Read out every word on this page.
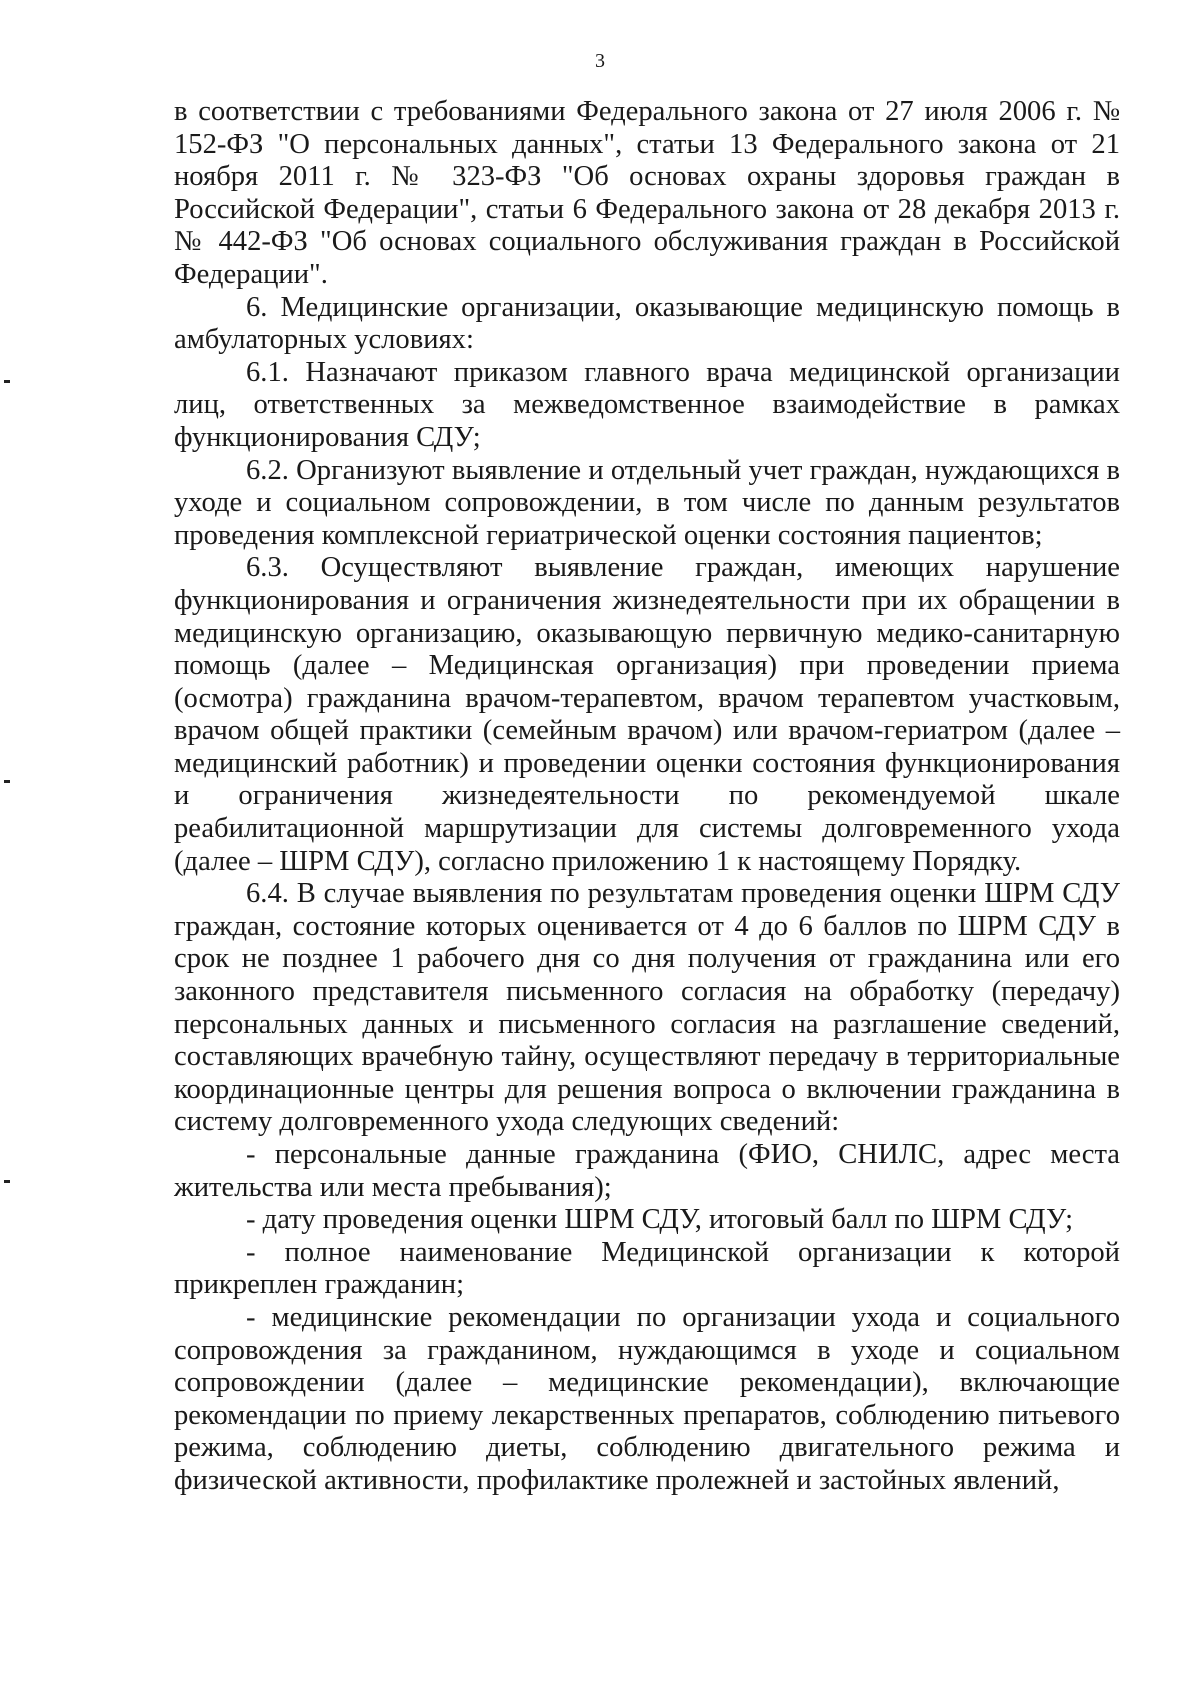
3

в соответствии с требованиями Федерального закона от 27 июля 2006 г. № 152-ФЗ "О персональных данных", статьи 13 Федерального закона от 21 ноября 2011 г. № 323-ФЗ "Об основах охраны здоровья граждан в Российской Федерации", статьи 6 Федерального закона от 28 декабря 2013 г. № 442-ФЗ "Об основах социального обслуживания граждан в Российской Федерации".

6. Медицинские организации, оказывающие медицинскую помощь в амбулаторных условиях:

6.1. Назначают приказом главного врача медицинской организации лиц, ответственных за межведомственное взаимодействие в рамках функционирования СДУ;

6.2. Организуют выявление и отдельный учет граждан, нуждающихся в уходе и социальном сопровождении, в том числе по данным результатов проведения комплексной гериатрической оценки состояния пациентов;

6.3. Осуществляют выявление граждан, имеющих нарушение функционирования и ограничения жизнедеятельности при их обращении в медицинскую организацию, оказывающую первичную медико-санитарную помощь (далее – Медицинская организация) при проведении приема (осмотра) гражданина врачом-терапевтом, врачом терапевтом участковым, врачом общей практики (семейным врачом) или врачом-гериатром (далее – медицинский работник) и проведении оценки состояния функционирования и ограничения жизнедеятельности по рекомендуемой шкале реабилитационной маршрутизации для системы долговременного ухода (далее – ШРМ СДУ), согласно приложению 1 к настоящему Порядку.

6.4. В случае выявления по результатам проведения оценки ШРМ СДУ граждан, состояние которых оценивается от 4 до 6 баллов по ШРМ СДУ в срок не позднее 1 рабочего дня со дня получения от гражданина или его законного представителя письменного согласия на обработку (передачу) персональных данных и письменного согласия на разглашение сведений, составляющих врачебную тайну, осуществляют передачу в территориальные координационные центры для решения вопроса о включении гражданина в систему долговременного ухода следующих сведений:

- персональные данные гражданина (ФИО, СНИЛС, адрес места жительства или места пребывания);

- дату проведения оценки ШРМ СДУ, итоговый балл по ШРМ СДУ;

- полное наименование Медицинской организации к которой прикреплен гражданин;

- медицинские рекомендации по организации ухода и социального сопровождения за гражданином, нуждающимся в уходе и социальном сопровождении (далее – медицинские рекомендации), включающие рекомендации по приему лекарственных препаратов, соблюдению питьевого режима, соблюдению диеты, соблюдению двигательного режима и физической активности, профилактике пролежней и застойных явлений,
